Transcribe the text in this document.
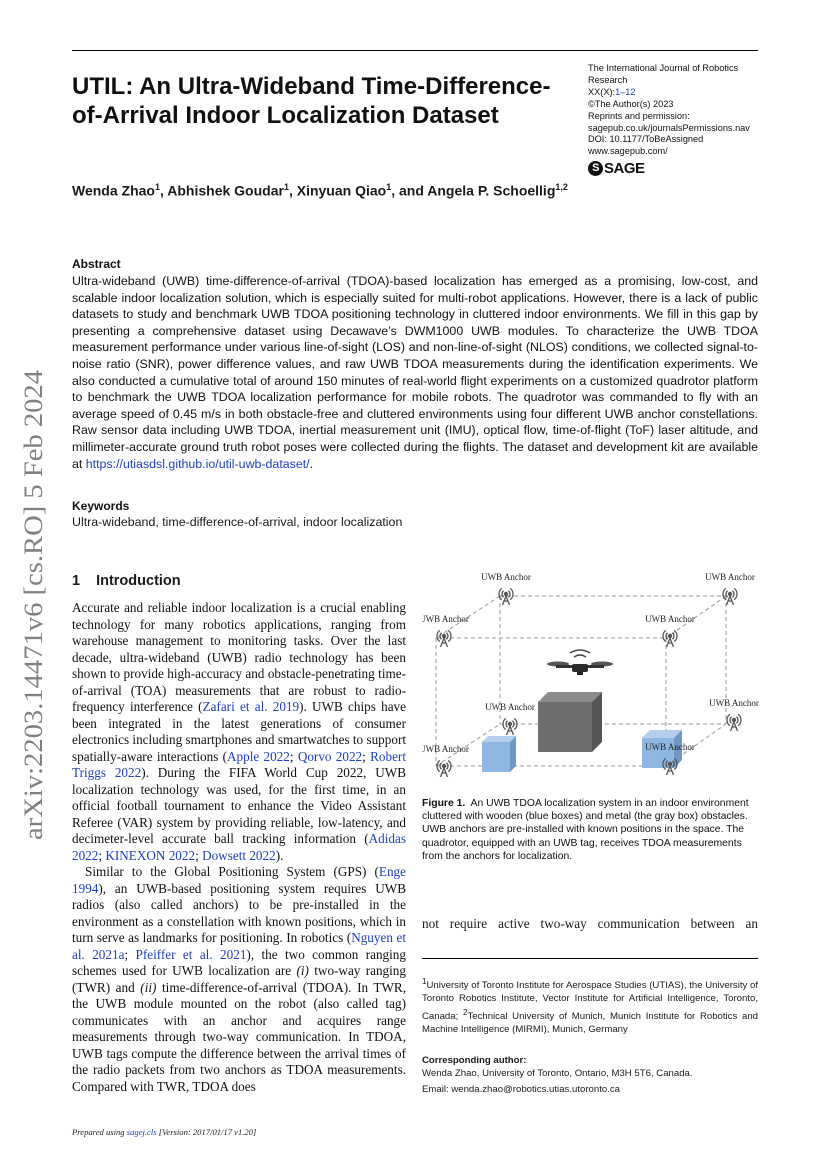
UTIL: An Ultra-Wideband Time-Difference-of-Arrival Indoor Localization Dataset
The International Journal of Robotics
Research
XX(X):1–12
©The Author(s) 2023
Reprints and permission:
sagepub.co.uk/journalsPermissions.nav
DOI: 10.1177/ToBeAssigned
www.sagepub.com/
S SAGE
Wenda Zhao$^1$, Abhishek Goudar$^1$, Xinyuan Qiao$^1$, and Angela P. Schoellig$^{1,2}$
arXiv:2203.14471v6 [cs.RO] 5 Feb 2024
Abstract
Ultra-wideband (UWB) time-difference-of-arrival (TDOA)-based localization has emerged as a promising, low-cost, and scalable indoor localization solution, which is especially suited for multi-robot applications. However, there is a lack of public datasets to study and benchmark UWB TDOA positioning technology in cluttered indoor environments. We fill in this gap by presenting a comprehensive dataset using Decawave’s DWM1000 UWB modules. To characterize the UWB TDOA measurement performance under various line-of-sight (LOS) and non-line-of-sight (NLOS) conditions, we collected signal-to-noise ratio (SNR), power difference values, and raw UWB TDOA measurements during the identification experiments. We also conducted a cumulative total of around 150 minutes of real-world flight experiments on a customized quadrotor platform to benchmark the UWB TDOA localization performance for mobile robots. The quadrotor was commanded to fly with an average speed of 0.45 m/s in both obstacle-free and cluttered environments using four different UWB anchor constellations. Raw sensor data including UWB TDOA, inertial measurement unit (IMU), optical flow, time-of-flight (ToF) laser altitude, and millimeter-accurate ground truth robot poses were collected during the flights. The dataset and development kit are available at https://utiasdsl.github.io/util-uwb-dataset/.
Keywords
Ultra-wideband, time-difference-of-arrival, indoor localization
1 Introduction

Accurate and reliable indoor localization is a crucial enabling technology for many robotics applications, ranging from warehouse management to monitoring tasks. Over the last decade, ultra-wideband (UWB) radio technology has been shown to provide high-accuracy and obstacle-penetrating time-of-arrival (TOA) measurements that are robust to radio-frequency interference (Zafari et al. 2019). UWB chips have been integrated in the latest generations of consumer electronics including smartphones and smartwatches to support spatially-aware interactions (Apple 2022; Qorvo 2022; Robert Triggs 2022). During the FIFA World Cup 2022, UWB localization technology was used, for the first time, in an official football tournament to enhance the Video Assistant Referee (VAR) system by providing reliable, low-latency, and decimeter-level accurate ball tracking information (Adidas 2022; KINEXON 2022; Dowsett 2022).

Similar to the Global Positioning System (GPS) (Enge 1994), an UWB-based positioning system requires UWB radios (also called anchors) to be pre-installed in the environment as a constellation with known positions, which in turn serve as landmarks for positioning. In robotics (Nguyen et al. 2021a; Pfeiffer et al. 2021), the two common ranging schemes used for UWB localization are (i) two-way ranging (TWR) and (ii) time-difference-of-arrival (TDOA). In TWR, the UWB module mounted on the robot (also called tag) communicates with an anchor and acquires range measurements through two-way communication. In TDOA, UWB tags compute the difference between the arrival times of the radio packets from two anchors as TDOA measurements. Compared with TWR, TDOA does

UWB Anchor	UWB Anchor
UWB Anchor	UWB Anchor
UWB Anchor	UWB Anchor
UWB Anchor	UWB Anchor
Figure 1. An UWB TDOA localization system in an indoor environment cluttered with wooden (blue boxes) and metal (the gray box) obstacles. UWB anchors are pre-installed with known positions in the space. The quadrotor, equipped with an UWB tag, receives TDOA measurements from the anchors for localization.
not require active two-way communication between an
$^1$University of Toronto Institute for Aerospace Studies (UTIAS), the University of Toronto Robotics Institute, Vector Institute for Artificial Intelligence, Toronto, Canada; $^2$Technical University of Munich, Munich Institute for Robotics and Machine Intelligence (MIRMI), Munich, Germany
Corresponding author:
Wenda Zhao, University of Toronto, Ontario, M3H 5T6, Canada.
Email: wenda.zhao@robotics.utias.utoronto.ca
Prepared using sagej.cls [Version: 2017/01/17 v1.20]
